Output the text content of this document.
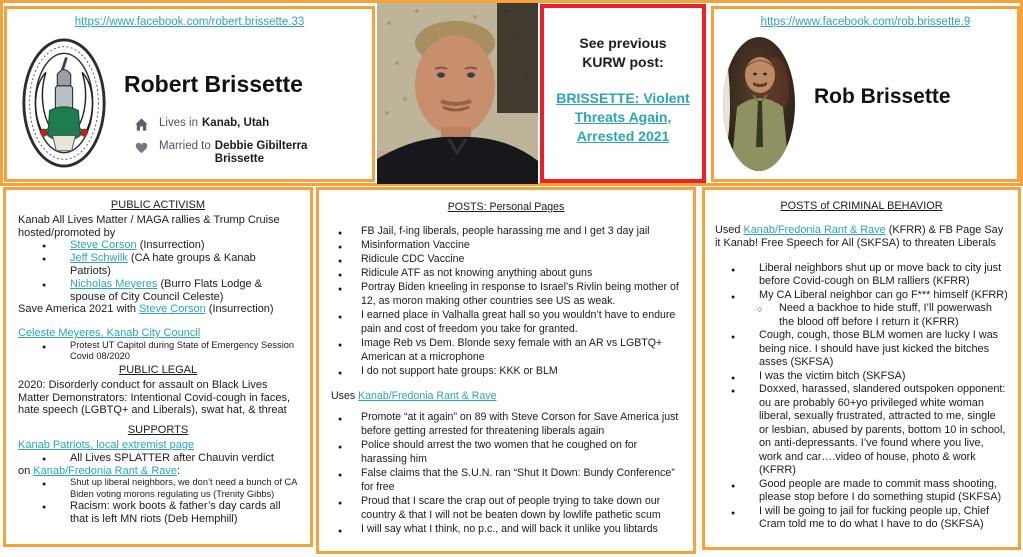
https://www.facebook.com/robert.brissette.33
Robert Brissette
Lives in Kanab, Utah
Married to Debbie Gibilterra Brissette
See previous KURW post:
BRISSETTE: Violent Threats Again, Arrested 2021
https://www.facebook.com/rob.brissette.9
Rob Brissette
PUBLIC ACTIVISM

Kanab All Lives Matter / MAGA rallies & Trump Cruise hosted/promoted by

● Steve Corson (Insurrection)
● Jeff Schwilk (CA hate groups & Kanab Patriots)
● Nicholas Meyeres (Burro Flats Lodge & spouse of City Council Celeste)

Save America 2021 with Steve Corson (Insurrection)

Celeste Meyeres, Kanab City Council

● Protest UT Capitol during State of Emergency Session Covid 08/2020
PUBLIC LEGAL

2020: Disorderly conduct for assault on Black Lives Matter Demonstrators: Intentional Covid-cough in faces, hate speech (LGBTQ+ and Liberals), swat hat, & threat

SUPPORTS

Kanab Patriots, local extremist page

● All Lives SPLATTER after Chauvin verdict

on Kanab/Fredonia Rant & Rave:

● Shut up liberal neighbors, we don’t need a bunch of CA Biden voting morons regulating us (Trenity Gibbs)
● Racism: work boots & father’s day cards all that is left MN riots (Deb Hemphill)
POSTS: Personal Pages
● FB Jail, f-ing liberals, people harassing me and I get 3 day jail
● Misinformation Vaccine
● Ridicule CDC Vaccine
● Ridicule ATF as not knowing anything about guns
● Portray Biden kneeling in response to Israel’s Rivlin being mother of 12, as moron making other countries see US as weak.
● I earned place in Valhalla great hall so you wouldn’t have to endure pain and cost of freedom you take for granted.
● Image Reb vs Dem. Blonde sexy female with an AR vs LGBTQ+ American at a microphone
● I do not support hate groups: KKK or BLM

Uses Kanab/Fredonia Rant & Rave

● Promote “at it again” on 89 with Steve Corson for Save America just before getting arrested for threatening liberals again
● Police should arrest the two women that he coughed on for harassing him
● False claims that the S.U.N. ran “Shut It Down: Bundy Conference” for free
● Proud that I scare the crap out of people trying to take down our country & that I will not be beaten down by lowlife pathetic scum
● I will say what I think, no p.c., and will back it unlike you libtards
POSTS of CRIMINAL BEHAVIOR

Used Kanab/Fredonia Rant & Rave (KFRR) & FB Page Say it Kanab! Free Speech for All (SKFSA) to threaten Liberals

● Liberal neighbors shut up or move back to city just before Covid-cough on BLM ralliers (KFRR)
● My CA Liberal neighbor can go F*** himself (KFRR)
○ Need a backhoe to hide stuff, I’ll powerwash the blood off before I return it (KFRR)
● Cough, cough, those BLM women are lucky I was being nice. I should have just kicked the bitches asses (SKFSA)
● I was the victim bitch (SKFSA)
● Doxxed, harassed, slandered outspoken opponent: ou are probably 60+yo privileged white woman liberal, sexually frustrated, attracted to me, single or lesbian, abused by parents, bottom 10 in school, on anti-depressants. I’ve found where you live, work and car….video of house, photo & work (KFRR)
● Good people are made to commit mass shooting, please stop before I do something stupid (SKFSA)
● I will be going to jail for fucking people up, Chief Cram told me to do what I have to do (SKFSA)
